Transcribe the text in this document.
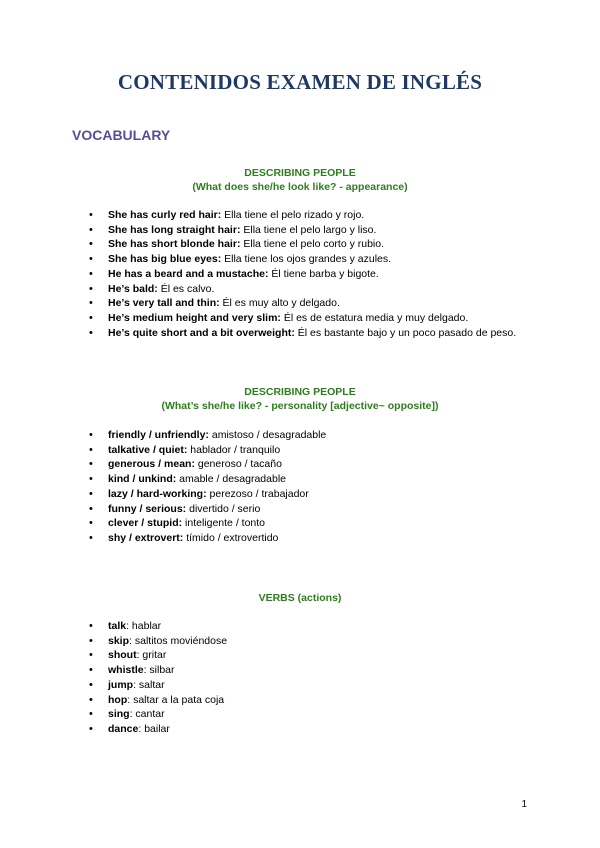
CONTENIDOS EXAMEN DE INGLÉS
VOCABULARY
DESCRIBING PEOPLE
(What does she/he look like? - appearance)
• She has curly red hair: Ella tiene el pelo rizado y rojo.
• She has long straight hair: Ella tiene el pelo largo y liso.
• She has short blonde hair: Ella tiene el pelo corto y rubio.
• She has big blue eyes: Ella tiene los ojos grandes y azules.
• He has a beard and a mustache: Él tiene barba y bigote.
• He’s bald: Él es calvo.
• He’s very tall and thin: Él es muy alto y delgado.
• He’s medium height and very slim: Él es de estatura media y muy delgado.
• He’s quite short and a bit overweight: Él es bastante bajo y un poco pasado de peso.
DESCRIBING PEOPLE
(What’s she/he like? - personality [adjective~ opposite])
• friendly / unfriendly: amistoso / desagradable
• talkative / quiet: hablador / tranquilo
• generous / mean: generoso / tacaño
• kind / unkind: amable / desagradable
• lazy / hard-working: perezoso / trabajador
• funny / serious: divertido / serio
• clever / stupid: inteligente / tonto
• shy / extrovert: tímido / extrovertido
VERBS (actions)
• talk: hablar
• skip: saltitos moviéndose
• shout: gritar
• whistle: silbar
• jump: saltar
• hop: saltar a la pata coja
• sing: cantar
• dance: bailar
1
